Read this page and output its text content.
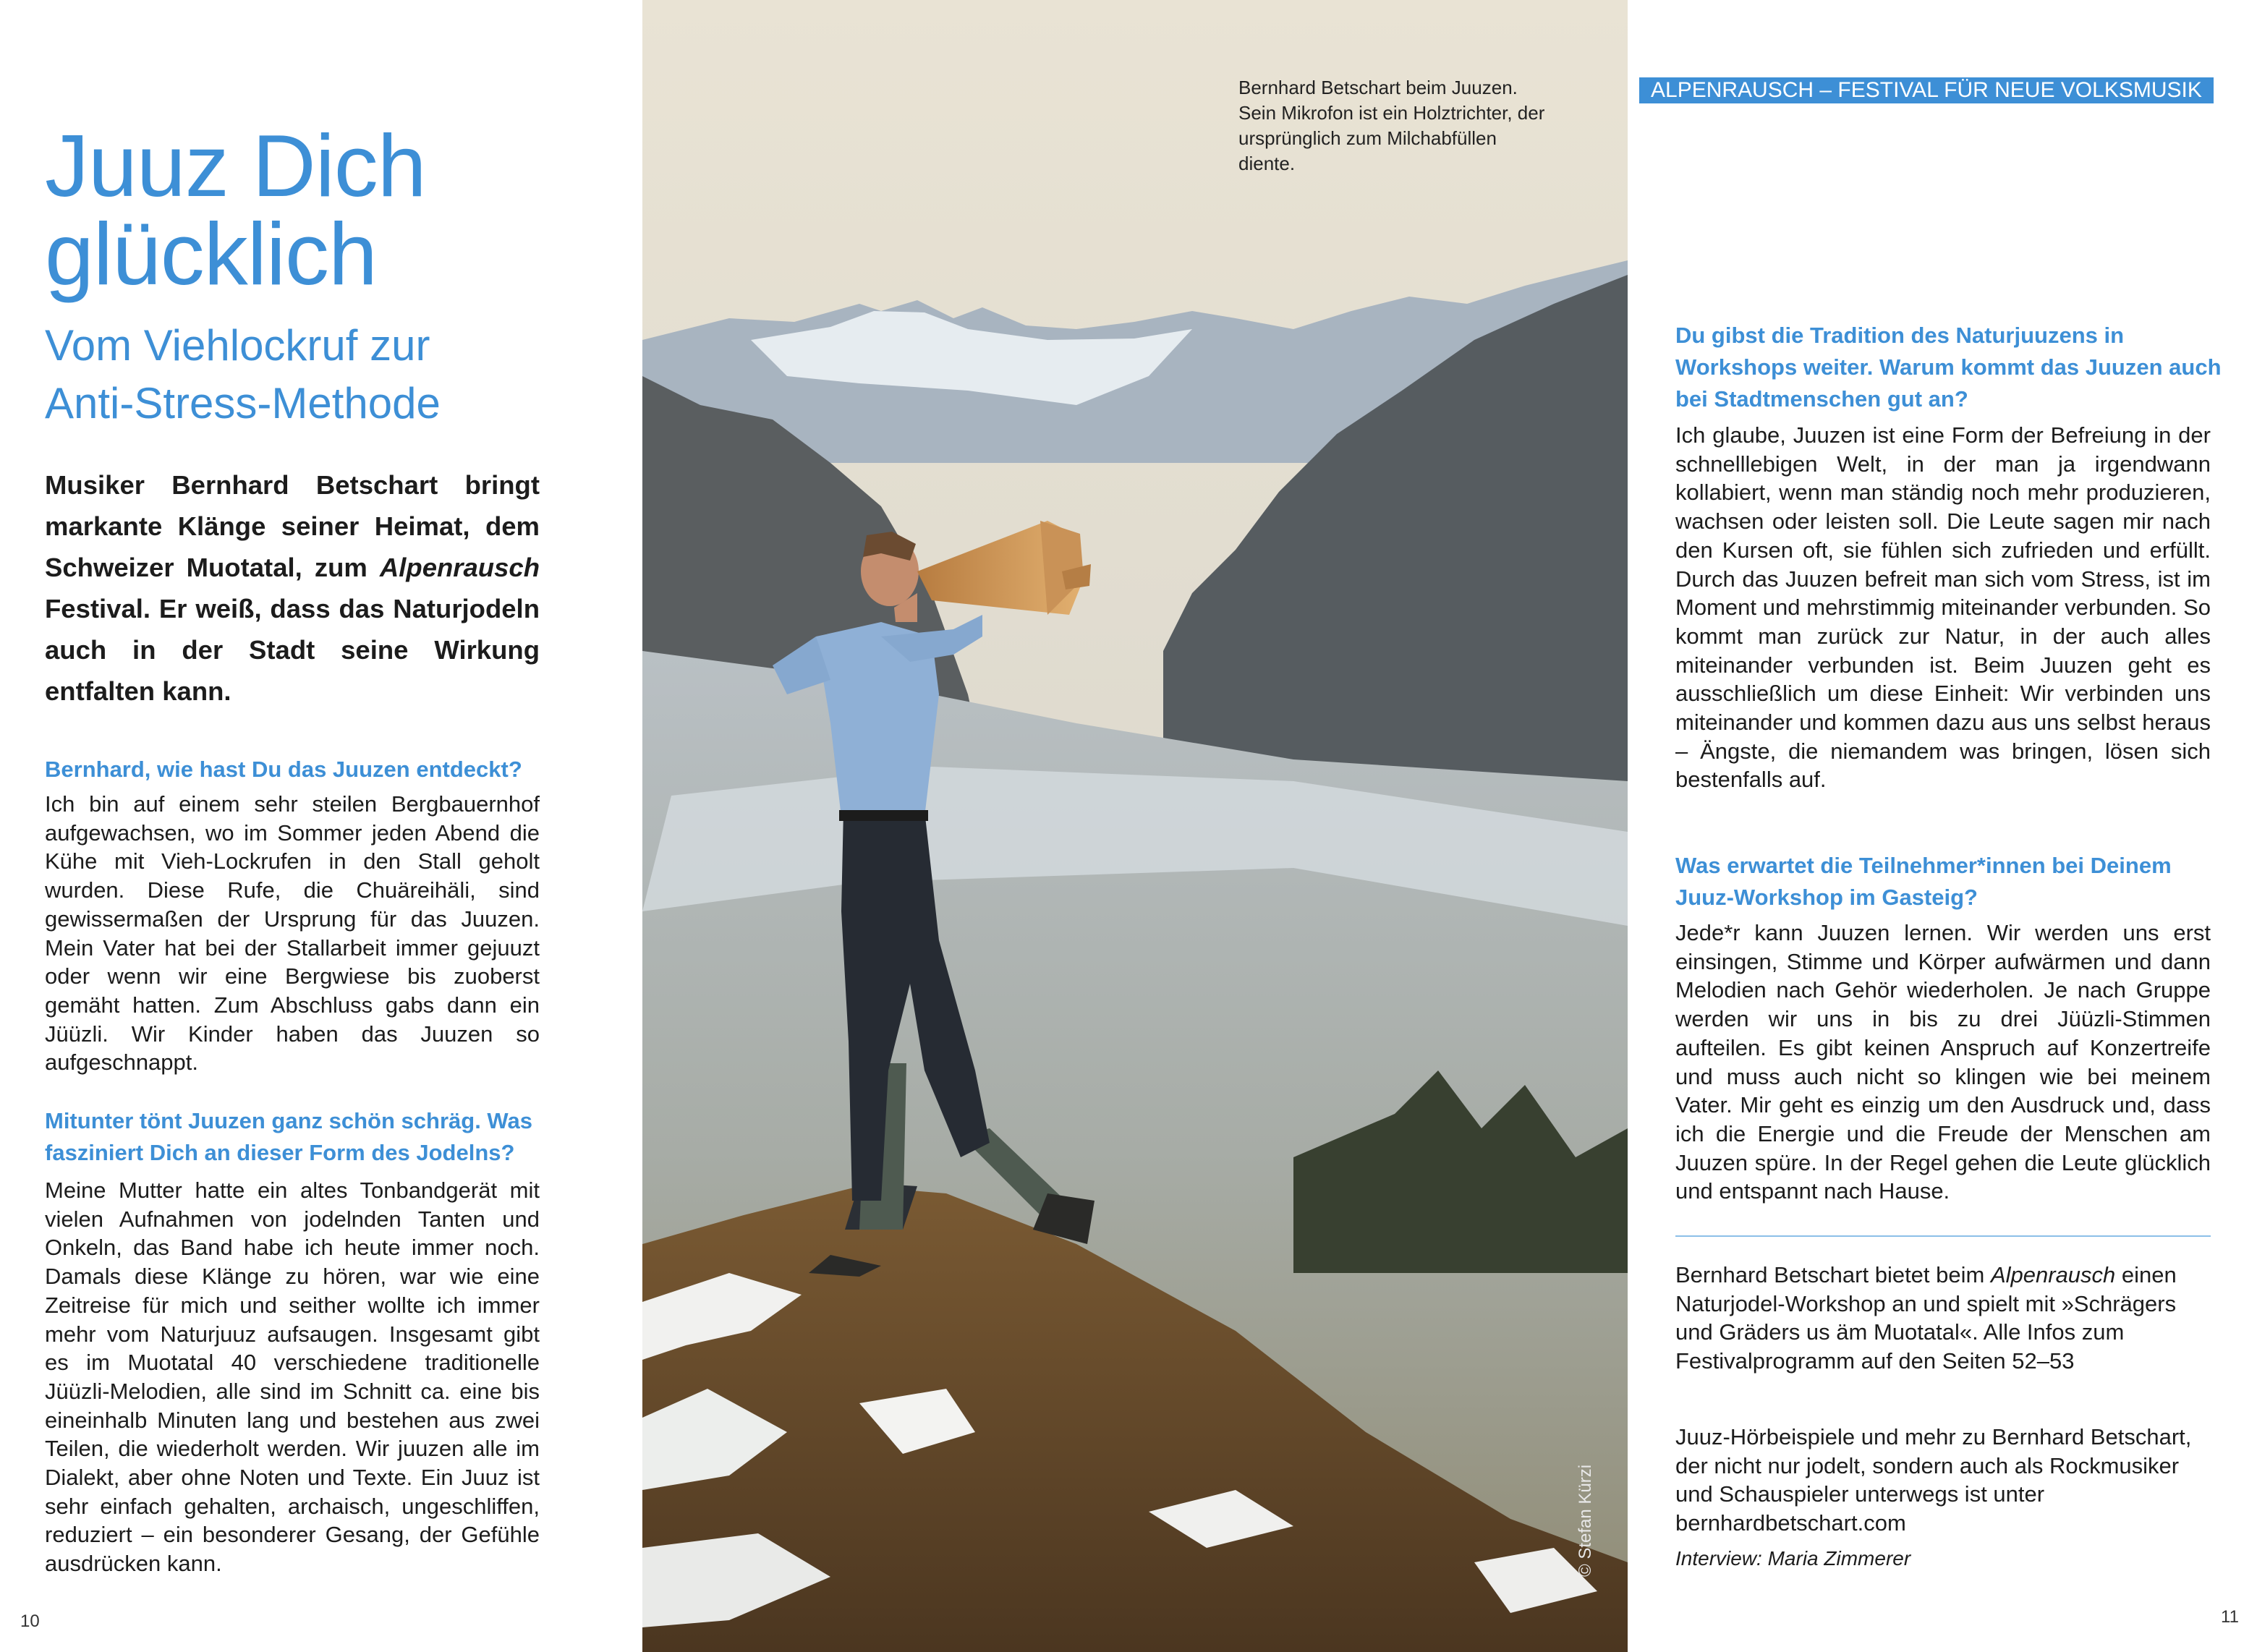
Juuz Dich
glücklich
Vom Viehlockruf zur
Anti-Stress-Methode
Musiker Bernhard Betschart bringt markante Klänge seiner Heimat, dem Schweizer Muotatal, zum Alpenrausch Festival. Er weiß, dass das Naturjodeln auch in der Stadt seine Wirkung entfalten kann.
Bernhard, wie hast Du das Juuzen entdeckt?
Ich bin auf einem sehr steilen Bergbauernhof aufgewachsen, wo im Sommer jeden Abend die Kühe mit Vieh-Lockrufen in den Stall geholt wurden. Diese Rufe, die Chuäreihäli, sind gewissermaßen der Ursprung für das Juuzen. Mein Vater hat bei der Stallarbeit immer gejuuzt oder wenn wir eine Bergwiese bis zuoberst gemäht hatten. Zum Abschluss gabs dann ein Jüüzli. Wir Kinder haben das Juuzen so aufgeschnappt.
Mitunter tönt Juuzen ganz schön schräg. Was fasziniert Dich an dieser Form des Jodelns?
Meine Mutter hatte ein altes Tonbandgerät mit vielen Aufnahmen von jodelnden Tanten und Onkeln, das Band habe ich heute immer noch. Damals diese Klänge zu hören, war wie eine Zeitreise für mich und seither wollte ich immer mehr vom Naturjuuz aufsaugen. Insgesamt gibt es im Muotatal 40 verschiedene traditionelle Jüüzli-Melodien, alle sind im Schnitt ca. eine bis eineinhalb Minuten lang und bestehen aus zwei Teilen, die wiederholt werden. Wir juuzen alle im Dialekt, aber ohne Noten und Texte. Ein Juuz ist sehr einfach gehalten, archaisch, ungeschliffen, reduziert – ein besonderer Gesang, der Gefühle ausdrücken kann.
10
Bernhard Betschart beim Juuzen. Sein Mikrofon ist ein Holztrichter, der ursprünglich zum Milchabfüllen diente.
© Stefan Kürzi
ALPENRAUSCH – FESTIVAL FÜR NEUE VOLKSMUSIK
Du gibst die Tradition des Naturjuuzens in Workshops weiter. Warum kommt das Juuzen auch bei Stadtmenschen gut an?
Ich glaube, Juuzen ist eine Form der Befreiung in der schnelllebigen Welt, in der man ja irgendwann kollabiert, wenn man ständig noch mehr produzieren, wachsen oder leisten soll. Die Leute sagen mir nach den Kursen oft, sie fühlen sich zufrieden und erfüllt. Durch das Juuzen befreit man sich vom Stress, ist im Moment und mehrstimmig miteinander verbunden. So kommt man zurück zur Natur, in der auch alles miteinander verbunden ist. Beim Juuzen geht es ausschließlich um diese Einheit: Wir verbinden uns miteinander und kommen dazu aus uns selbst heraus – Ängste, die niemandem was bringen, lösen sich bestenfalls auf.
Was erwartet die Teilnehmer*innen bei Deinem Juuz-Workshop im Gasteig?
Jede*r kann Juuzen lernen. Wir werden uns erst einsingen, Stimme und Körper aufwärmen und dann Melodien nach Gehör wiederholen. Je nach Gruppe werden wir uns in bis zu drei Jüüzli-Stimmen aufteilen. Es gibt keinen Anspruch auf Konzertreife und muss auch nicht so klingen wie bei meinem Vater. Mir geht es einzig um den Ausdruck und, dass ich die Energie und die Freude der Menschen am Juuzen spüre. In der Regel gehen die Leute glücklich und entspannt nach Hause.
Bernhard Betschart bietet beim Alpenrausch einen Naturjodel-Workshop an und spielt mit »Schrägers und Gräders us äm Muotatal«. Alle Infos zum Festivalprogramm auf den Seiten 52–53
Juuz-Hörbeispiele und mehr zu Bernhard Betschart, der nicht nur jodelt, sondern auch als Rockmusiker und Schauspieler unterwegs ist unter bernhardbetschart.com
Interview: Maria Zimmerer
11
